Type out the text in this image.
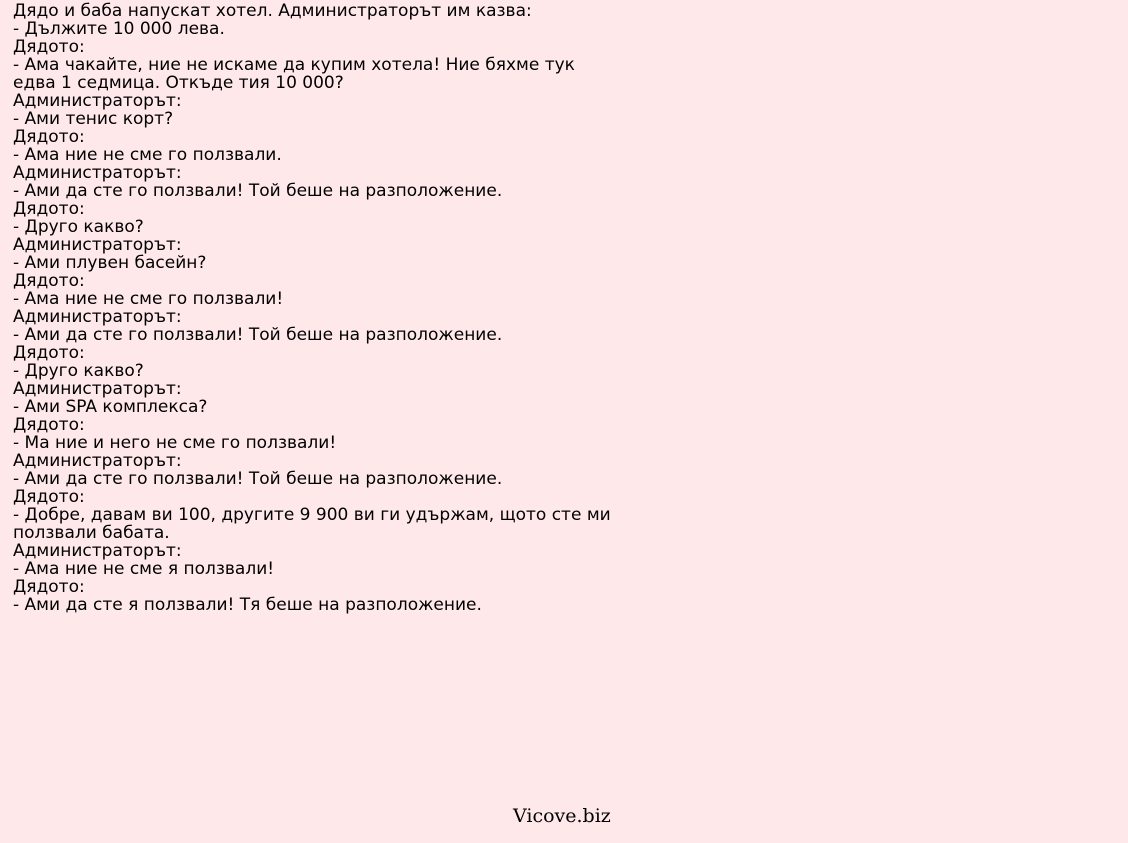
Дядо и баба напускат хотел. Администраторът им казва:
- Дължите 10 000 лева.
Дядото:
- Ама чакайте, ние не искаме да купим хотела! Ние бяхме тук
едва 1 седмица. Откъде тия 10 000?
Администраторът:
- Ами тенис корт?
Дядото:
- Ама ние не сме го ползвали.
Администраторът:
- Ами да сте го ползвали! Той беше на разположение.
Дядото:
- Друго какво?
Администраторът:
- Ами плувен басейн?
Дядото:
- Ама ние не сме го ползвали!
Администраторът:
- Ами да сте го ползвали! Той беше на разположение.
Дядото:
- Друго какво?
Администраторът:
- Ами SPA комплекса?
Дядото:
- Ма ние и него не сме го ползвали!
Администраторът:
- Ами да сте го ползвали! Той беше на разположение.
Дядото:
- Добре, давам ви 100, другите 9 900 ви ги удържам, щото сте ми
ползвали бабата.
Администраторът:
- Ама ние не сме я ползвали!
Дядото:
- Ами да сте я ползвали! Тя беше на разположение.
Vicove.biz
